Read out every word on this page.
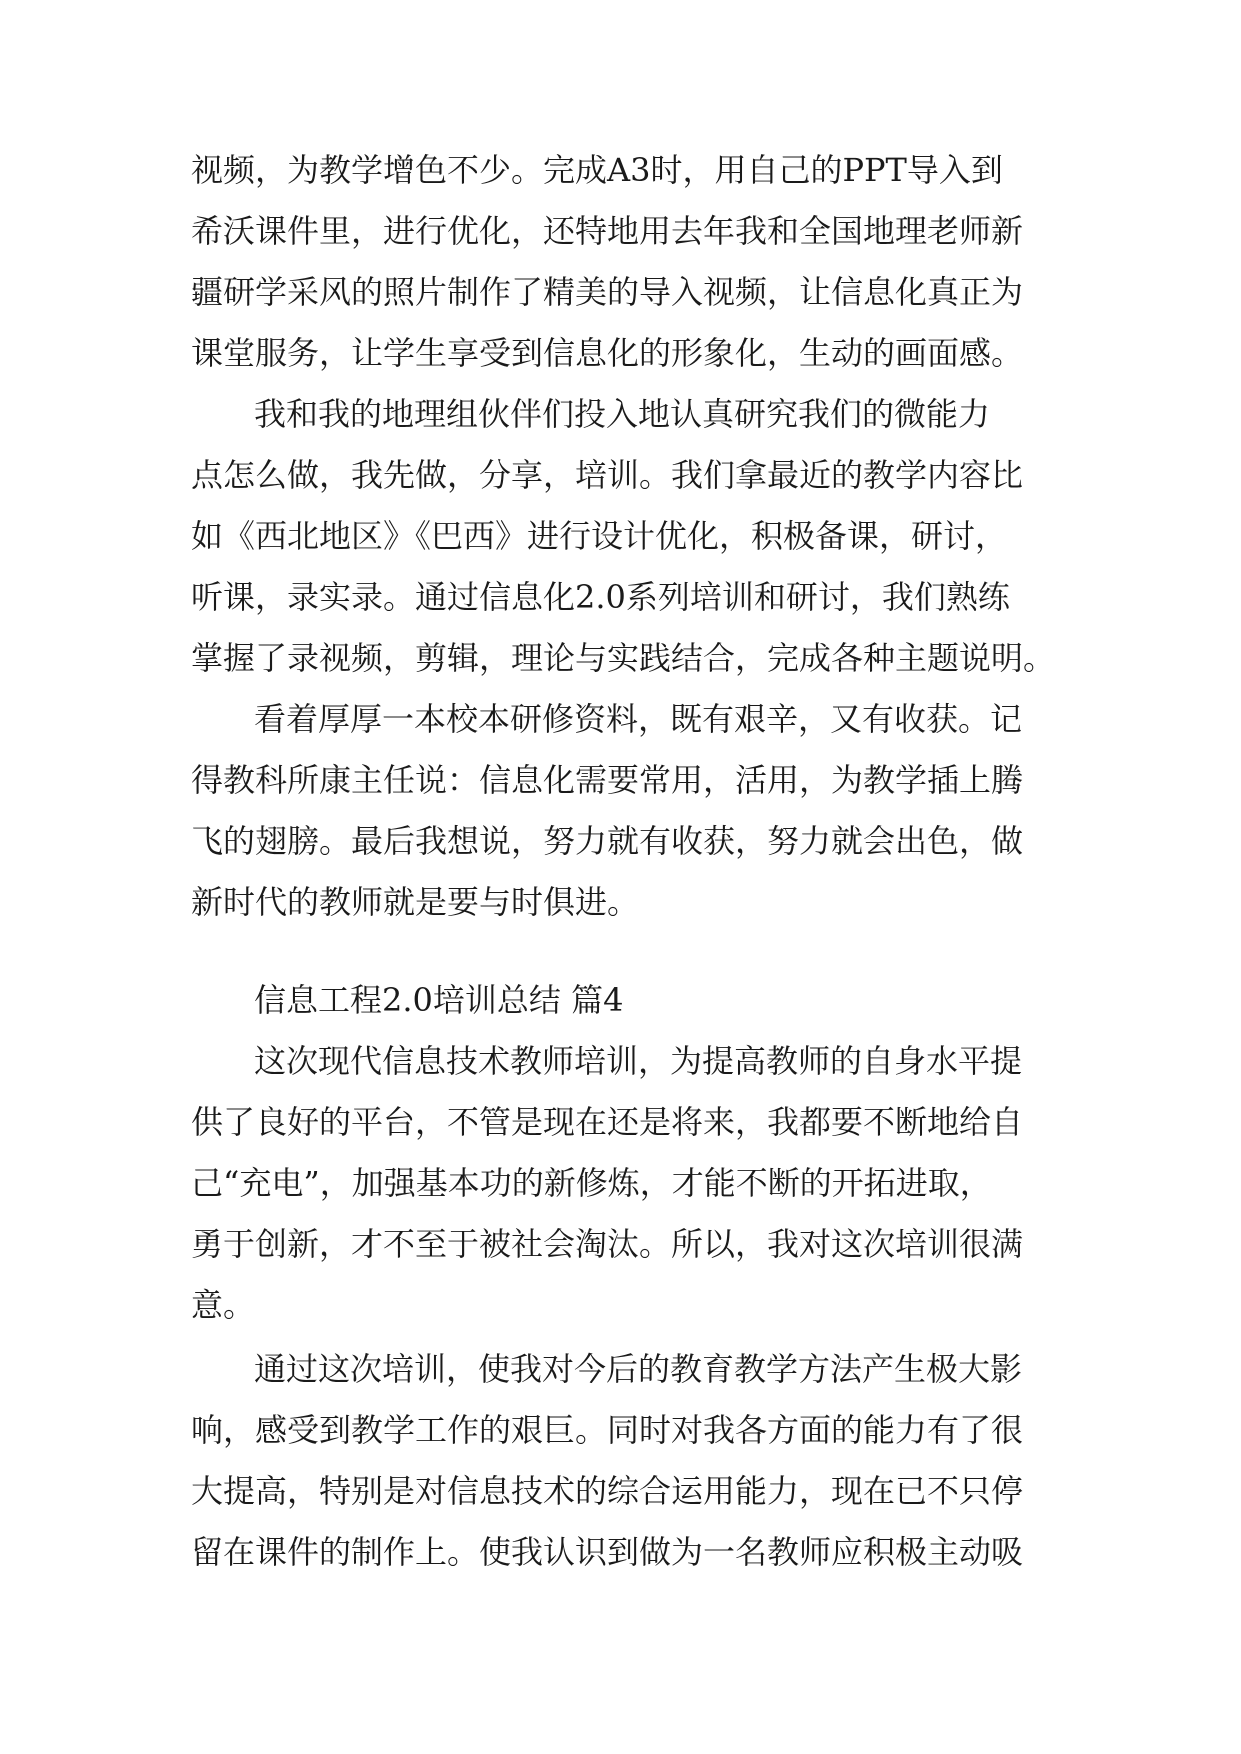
视频，为教学增色不少。完成A3时，用自己的PPT导入到

希沃课件里，进行优化，还特地用去年我和全国地理老师新

疆研学采风的照片制作了精美的导入视频，让信息化真正为

课堂服务，让学生享受到信息化的形象化，生动的画面感。

我和我的地理组伙伴们投入地认真研究我们的微能力

点怎么做，我先做，分享，培训。我们拿最近的教学内容比

如《西北地区》《巴西》进行设计优化，积极备课，研讨，

听课，录实录。通过信息化2.0系列培训和研讨，我们熟练

掌握了录视频，剪辑，理论与实践结合，完成各种主题说明。

看着厚厚一本校本研修资料，既有艰辛，又有收获。记

得教科所康主任说：信息化需要常用，活用，为教学插上腾

飞的翅膀。最后我想说，努力就有收获，努力就会出色，做

新时代的教师就是要与时俱进。

信息工程2.0培训总结 篇4

这次现代信息技术教师培训，为提高教师的自身水平提

供了良好的平台，不管是现在还是将来，我都要不断地给自

己“充电”，加强基本功的新修炼，才能不断的开拓进取，

勇于创新，才不至于被社会淘汰。所以，我对这次培训很满

意。

通过这次培训，使我对今后的教育教学方法产生极大影

响，感受到教学工作的艰巨。同时对我各方面的能力有了很

大提高，特别是对信息技术的综合运用能力，现在已不只停

留在课件的制作上。使我认识到做为一名教师应积极主动吸
